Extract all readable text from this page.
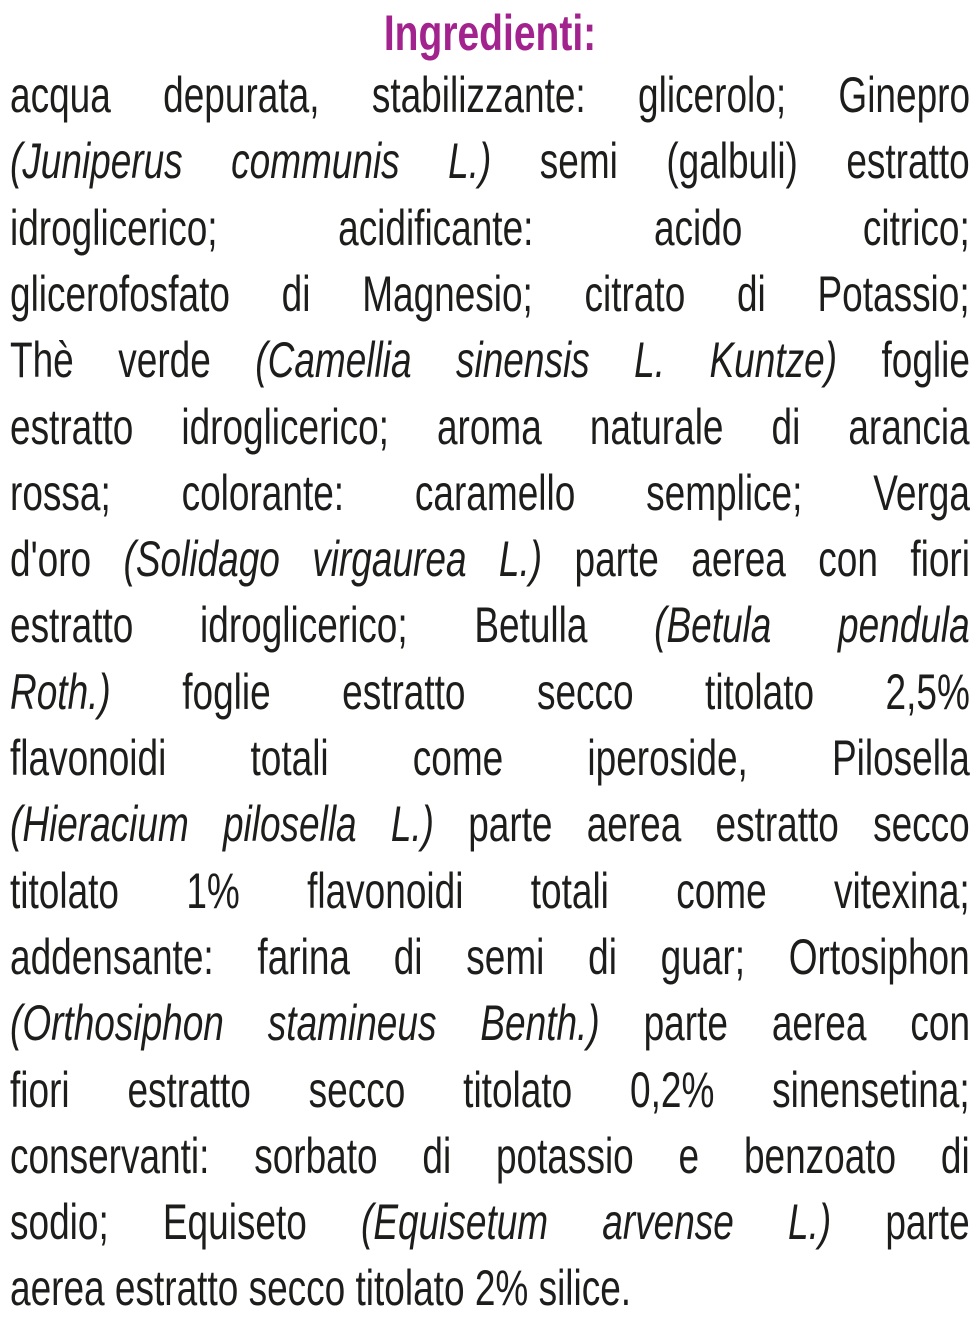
Ingredienti:
acqua depurata, stabilizzante: glicerolo; Ginepro
(Juniperus communis L.) semi (galbuli) estratto
idroglicerico; acidificante: acido citrico;
glicerofosfato di Magnesio; citrato di Potassio;
Thè verde (Camellia sinensis L. Kuntze) foglie
estratto idroglicerico; aroma naturale di arancia
rossa; colorante: caramello semplice; Verga
d'oro (Solidago virgaurea L.) parte aerea con fiori
estratto idroglicerico; Betulla (Betula pendula
Roth.) foglie estratto secco titolato 2,5%
flavonoidi totali come iperoside, Pilosella
(Hieracium pilosella L.) parte aerea estratto secco
titolato 1% flavonoidi totali come vitexina;
addensante: farina di semi di guar; Ortosiphon
(Orthosiphon stamineus Benth.) parte aerea con
fiori estratto secco titolato 0,2% sinensetina;
conservanti: sorbato di potassio e benzoato di
sodio; Equiseto (Equisetum arvense L.) parte
aerea estratto secco titolato 2% silice.
